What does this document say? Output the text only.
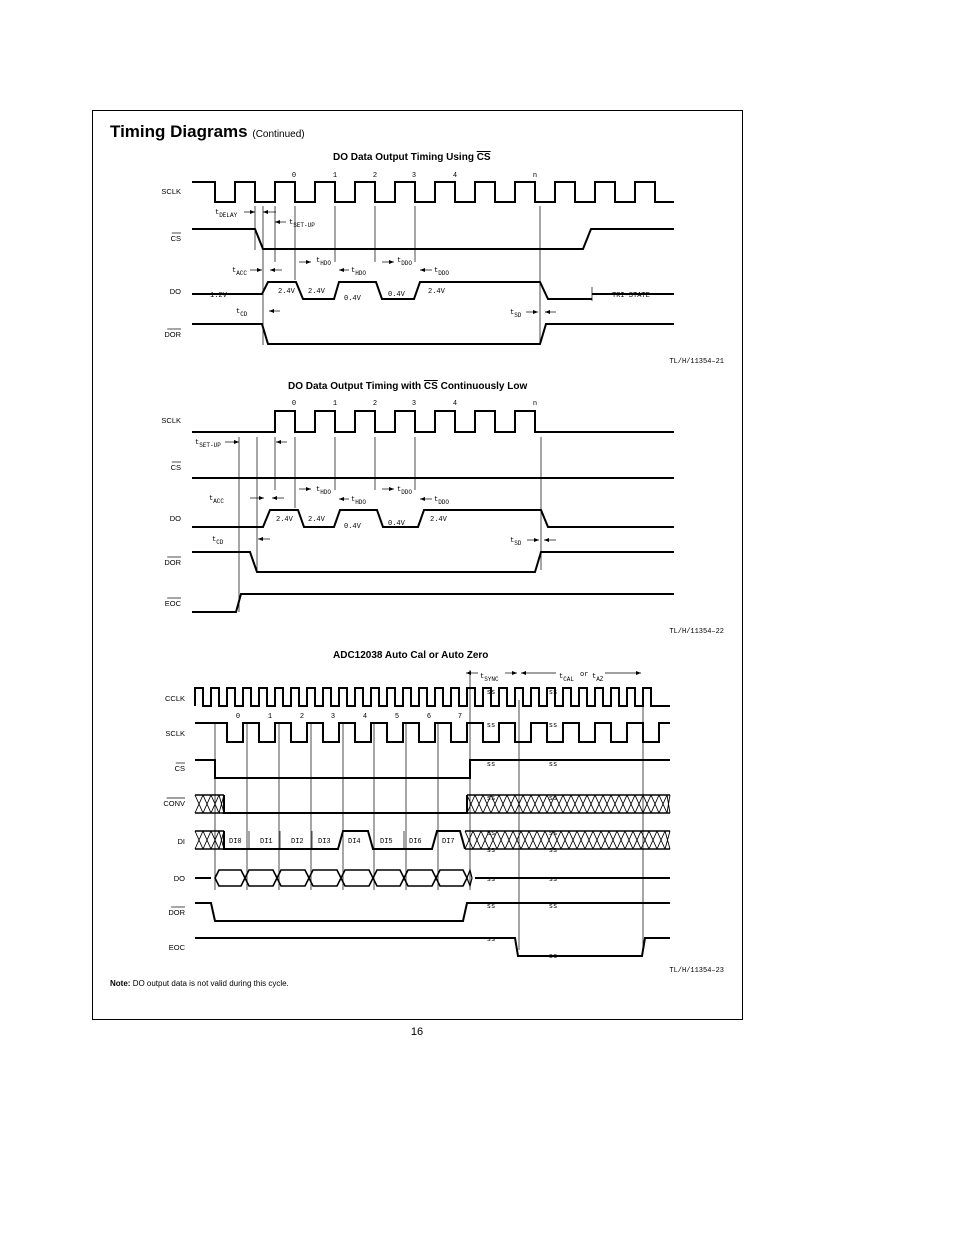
Timing Diagrams (Continued)
DO Data Output Timing Using $\overline{CS}$
DO Data Output Timing with $\overline{CS}$ Continuously Low
ADC12038 Auto Cal or Auto Zero
Note: DO output data is not valid during this cycle.
16
SCLK
CS
DO
DOR
0	1	2	3	4	n
1.2V	2.4V 2.4V
0.4V	0.4V	2.4V	TRI-STATE
tDELAY
tSET-UP
tACC
tHDO
tHDO
tDDO
tDDO
tCD	tSD
TL/H/11354–21
SCLK
CS
DO
DOR
EOC
0	1	2	3	4	n
2.4V 2.4V
0.4V	0.4V	2.4V
tSET-UP
tACC
tHDO
tHDO
tDDO
tDDO
tCD	tSD
TL/H/11354–22
CCLK
SCLK
CS
CONV
DI
DO
DOR
EOC
0	1	2	3	4	5	6	7
DI0	DI1	DI2 DI3 DI4	DI5 DI6	DI7
ss
ss
ss
ss
ss
ss
ss
ss
ss
ss
ss
ss
ss
ss
ss
ss
ss
ss
tSYNC	tCAL
or tAZ
TL/H/11354–23
